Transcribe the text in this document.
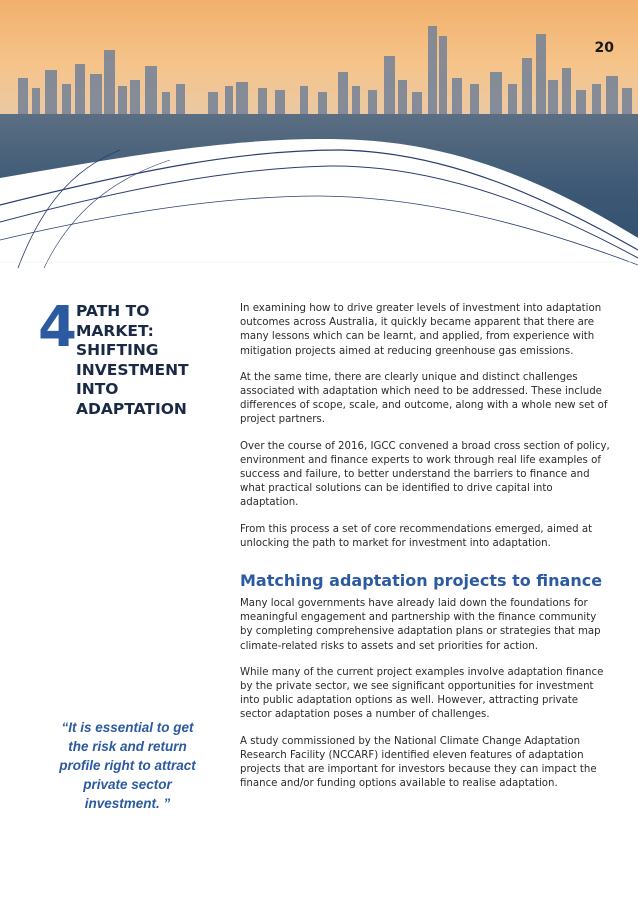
20
4 PATH TO MARKET: SHIFTING INVESTMENT INTO ADAPTATION

In examining how to drive greater levels of investment into adaptation outcomes across Australia, it quickly became apparent that there are many lessons which can be learnt, and applied, from experience with mitigation projects aimed at reducing greenhouse gas emissions.

At the same time, there are clearly unique and distinct challenges associated with adaptation which need to be addressed. These include differences of scope, scale, and outcome, along with a whole new set of project partners.

Over the course of 2016, IGCC convened a broad cross section of policy, environment and finance experts to work through real life examples of success and failure, to better understand the barriers to finance and what practical solutions can be identified to drive capital into adaptation.

From this process a set of core recommendations emerged, aimed at unlocking the path to market for investment into adaptation.

Matching adaptation projects to finance

Many local governments have already laid down the foundations for meaningful engagement and partnership with the finance community by completing comprehensive adaptation plans or strategies that map climate-related risks to assets and set priorities for action.

While many of the current project examples involve adaptation finance by the private sector, we see significant opportunities for investment into public adaptation options as well. However, attracting private sector adaptation poses a number of challenges.

A study commissioned by the National Climate Change Adaptation Research Facility (NCCARF) identified eleven features of adaptation projects that are important for investors because they can impact the finance and/or funding options available to realise adaptation.

“It is essential to get the risk and return profile right to attract private sector investment. ”
